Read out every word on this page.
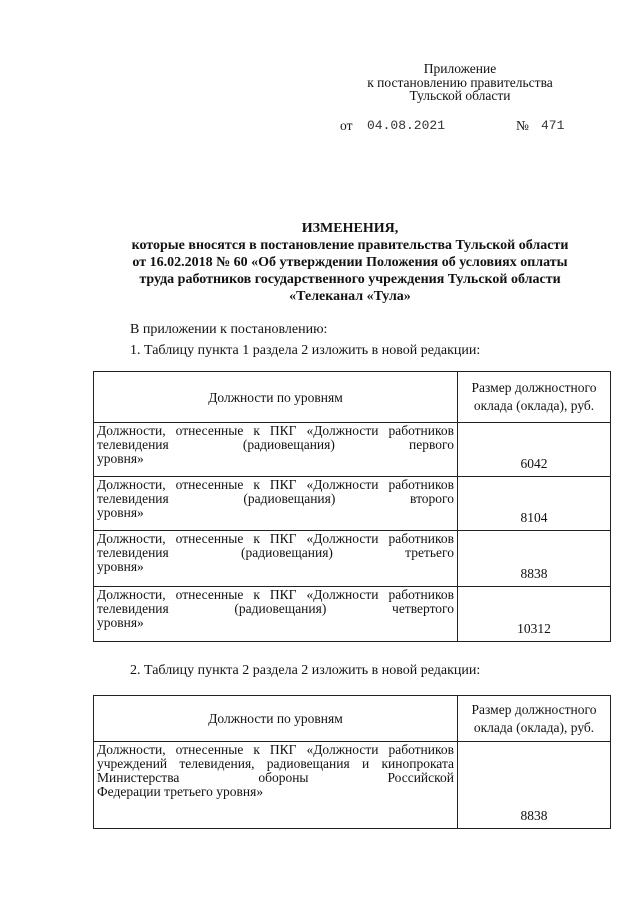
Приложение
к постановлению правительства
Тульской области
от 04.08.2021	№ 471
ИЗМЕНЕНИЯ,
которые вносятся в постановление правительства Тульской области
от 16.02.2018 № 60 «Об утверждении Положения об условиях оплаты
труда работников государственного учреждения Тульской области
«Телеканал «Тула»
В приложении к постановлению:
1. Таблицу пункта 1 раздела 2 изложить в новой редакции:
Должности по уровням	Размер должностного оклада (оклада), руб.
Должности, отнесенные к ПКГ «Должности работников телевидения (радиовещания) первого
уровня»	6042
Должности, отнесенные к ПКГ «Должности работников телевидения (радиовещания) второго
уровня»	8104
Должности, отнесенные к ПКГ «Должности работников телевидения (радиовещания) третьего
уровня»	8838
Должности, отнесенные к ПКГ «Должности работников телевидения (радиовещания) четвертого
уровня»	10312
2. Таблицу пункта 2 раздела 2 изложить в новой редакции:
Должности по уровням	Размер должностного оклада (оклада), руб.
Должности, отнесенные к ПКГ «Должности работников учреждений телевидения, радиовещания и кинопроката Министерства обороны Российской
Федерации третьего уровня»	8838
